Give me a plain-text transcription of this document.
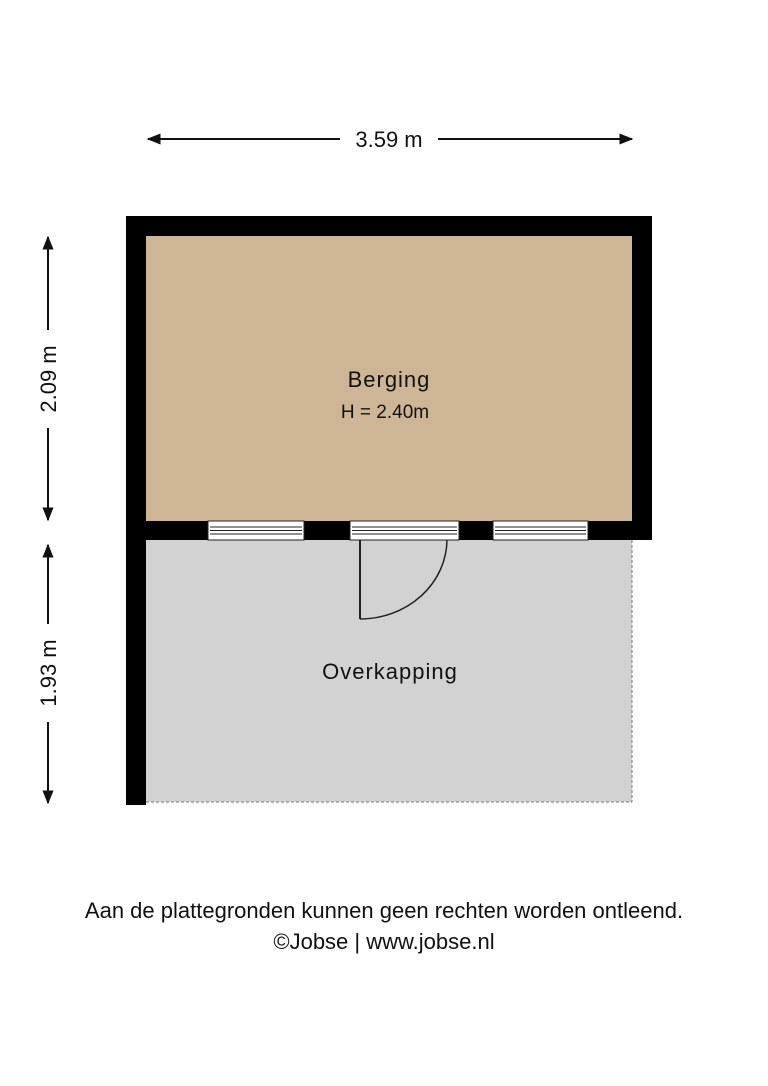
3.59 m
2.09 m
1.93 m
Berging
H = 2.40m
Overkapping
Aan de plattegronden kunnen geen rechten worden ontleend.
©Jobse | www.jobse.nl
